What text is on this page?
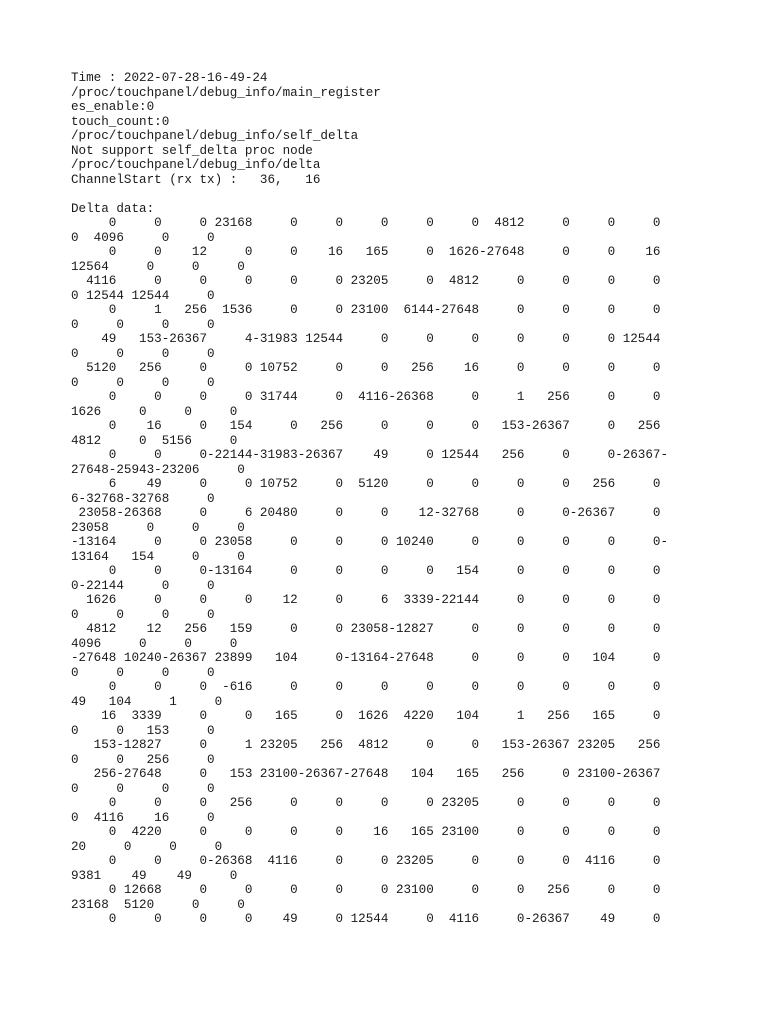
Time : 2022-07-28-16-49-24
/proc/touchpanel/debug_info/main_register
es_enable:0
touch_count:0
/proc/touchpanel/debug_info/self_delta
Not support self_delta proc node
/proc/touchpanel/debug_info/delta
ChannelStart (rx tx) :   36,   16
Delta data:
0     0     0 23168     0     0     0     0     0  4812     0     0     0
0  4096     0     0
0     0    12     0     0    16   165     0  1626-27648     0     0    16
12564     0     0     0
4116     0     0     0     0     0 23205     0  4812     0     0     0     0
0 12544 12544     0
0     1   256  1536     0     0 23100  6144-27648     0     0     0     0
0     0     0     0
49   153-26367     4-31983 12544     0     0     0     0     0     0 12544
0     0     0     0
5120   256     0     0 10752     0     0   256    16     0     0     0     0
0     0     0     0
0     0     0     0 31744     0  4116-26368     0     1   256     0     0
1626     0     0     0
0    16     0   154     0   256     0     0     0   153-26367     0   256
4812     0  5156     0
0     0     0-22144-31983-26367    49     0 12544   256     0     0-26367-
27648-25943-23206     0
6    49     0     0 10752     0  5120     0     0     0     0   256     0
6-32768-32768     0
23058-26368     0     6 20480     0     0    12-32768     0     0-26367     0
23058     0     0     0
-13164     0     0 23058     0     0     0 10240     0     0     0     0     0-
13164   154     0     0
0     0     0-13164     0     0     0     0   154     0     0     0     0
0-22144     0     0
1626     0     0     0    12     0     6  3339-22144     0     0     0     0
0     0     0     0
4812    12   256   159     0     0 23058-12827     0     0     0     0     0
4096     0     0     0
-27648 10240-26367 23899   104     0-13164-27648     0     0     0   104     0
0     0     0     0
0     0     0  -616     0     0     0     0     0     0     0     0     0
49   104     1     0
16  3339     0     0   165     0  1626  4220   104     1   256   165     0
0     0   153     0
153-12827     0     1 23205   256  4812     0     0   153-26367 23205   256
0     0   256     0
256-27648     0   153 23100-26367-27648   104   165   256     0 23100-26367
0     0     0     0
0     0     0   256     0     0     0     0 23205     0     0     0     0
0  4116    16     0
0  4220     0     0     0     0    16   165 23100     0     0     0     0
20     0     0     0
0     0     0-26368  4116     0     0 23205     0     0     0  4116     0
9381    49    49     0
0 12668     0     0     0     0     0 23100     0     0   256     0     0
23168  5120     0     0
0     0     0     0    49     0 12544     0  4116     0-26367    49     0
